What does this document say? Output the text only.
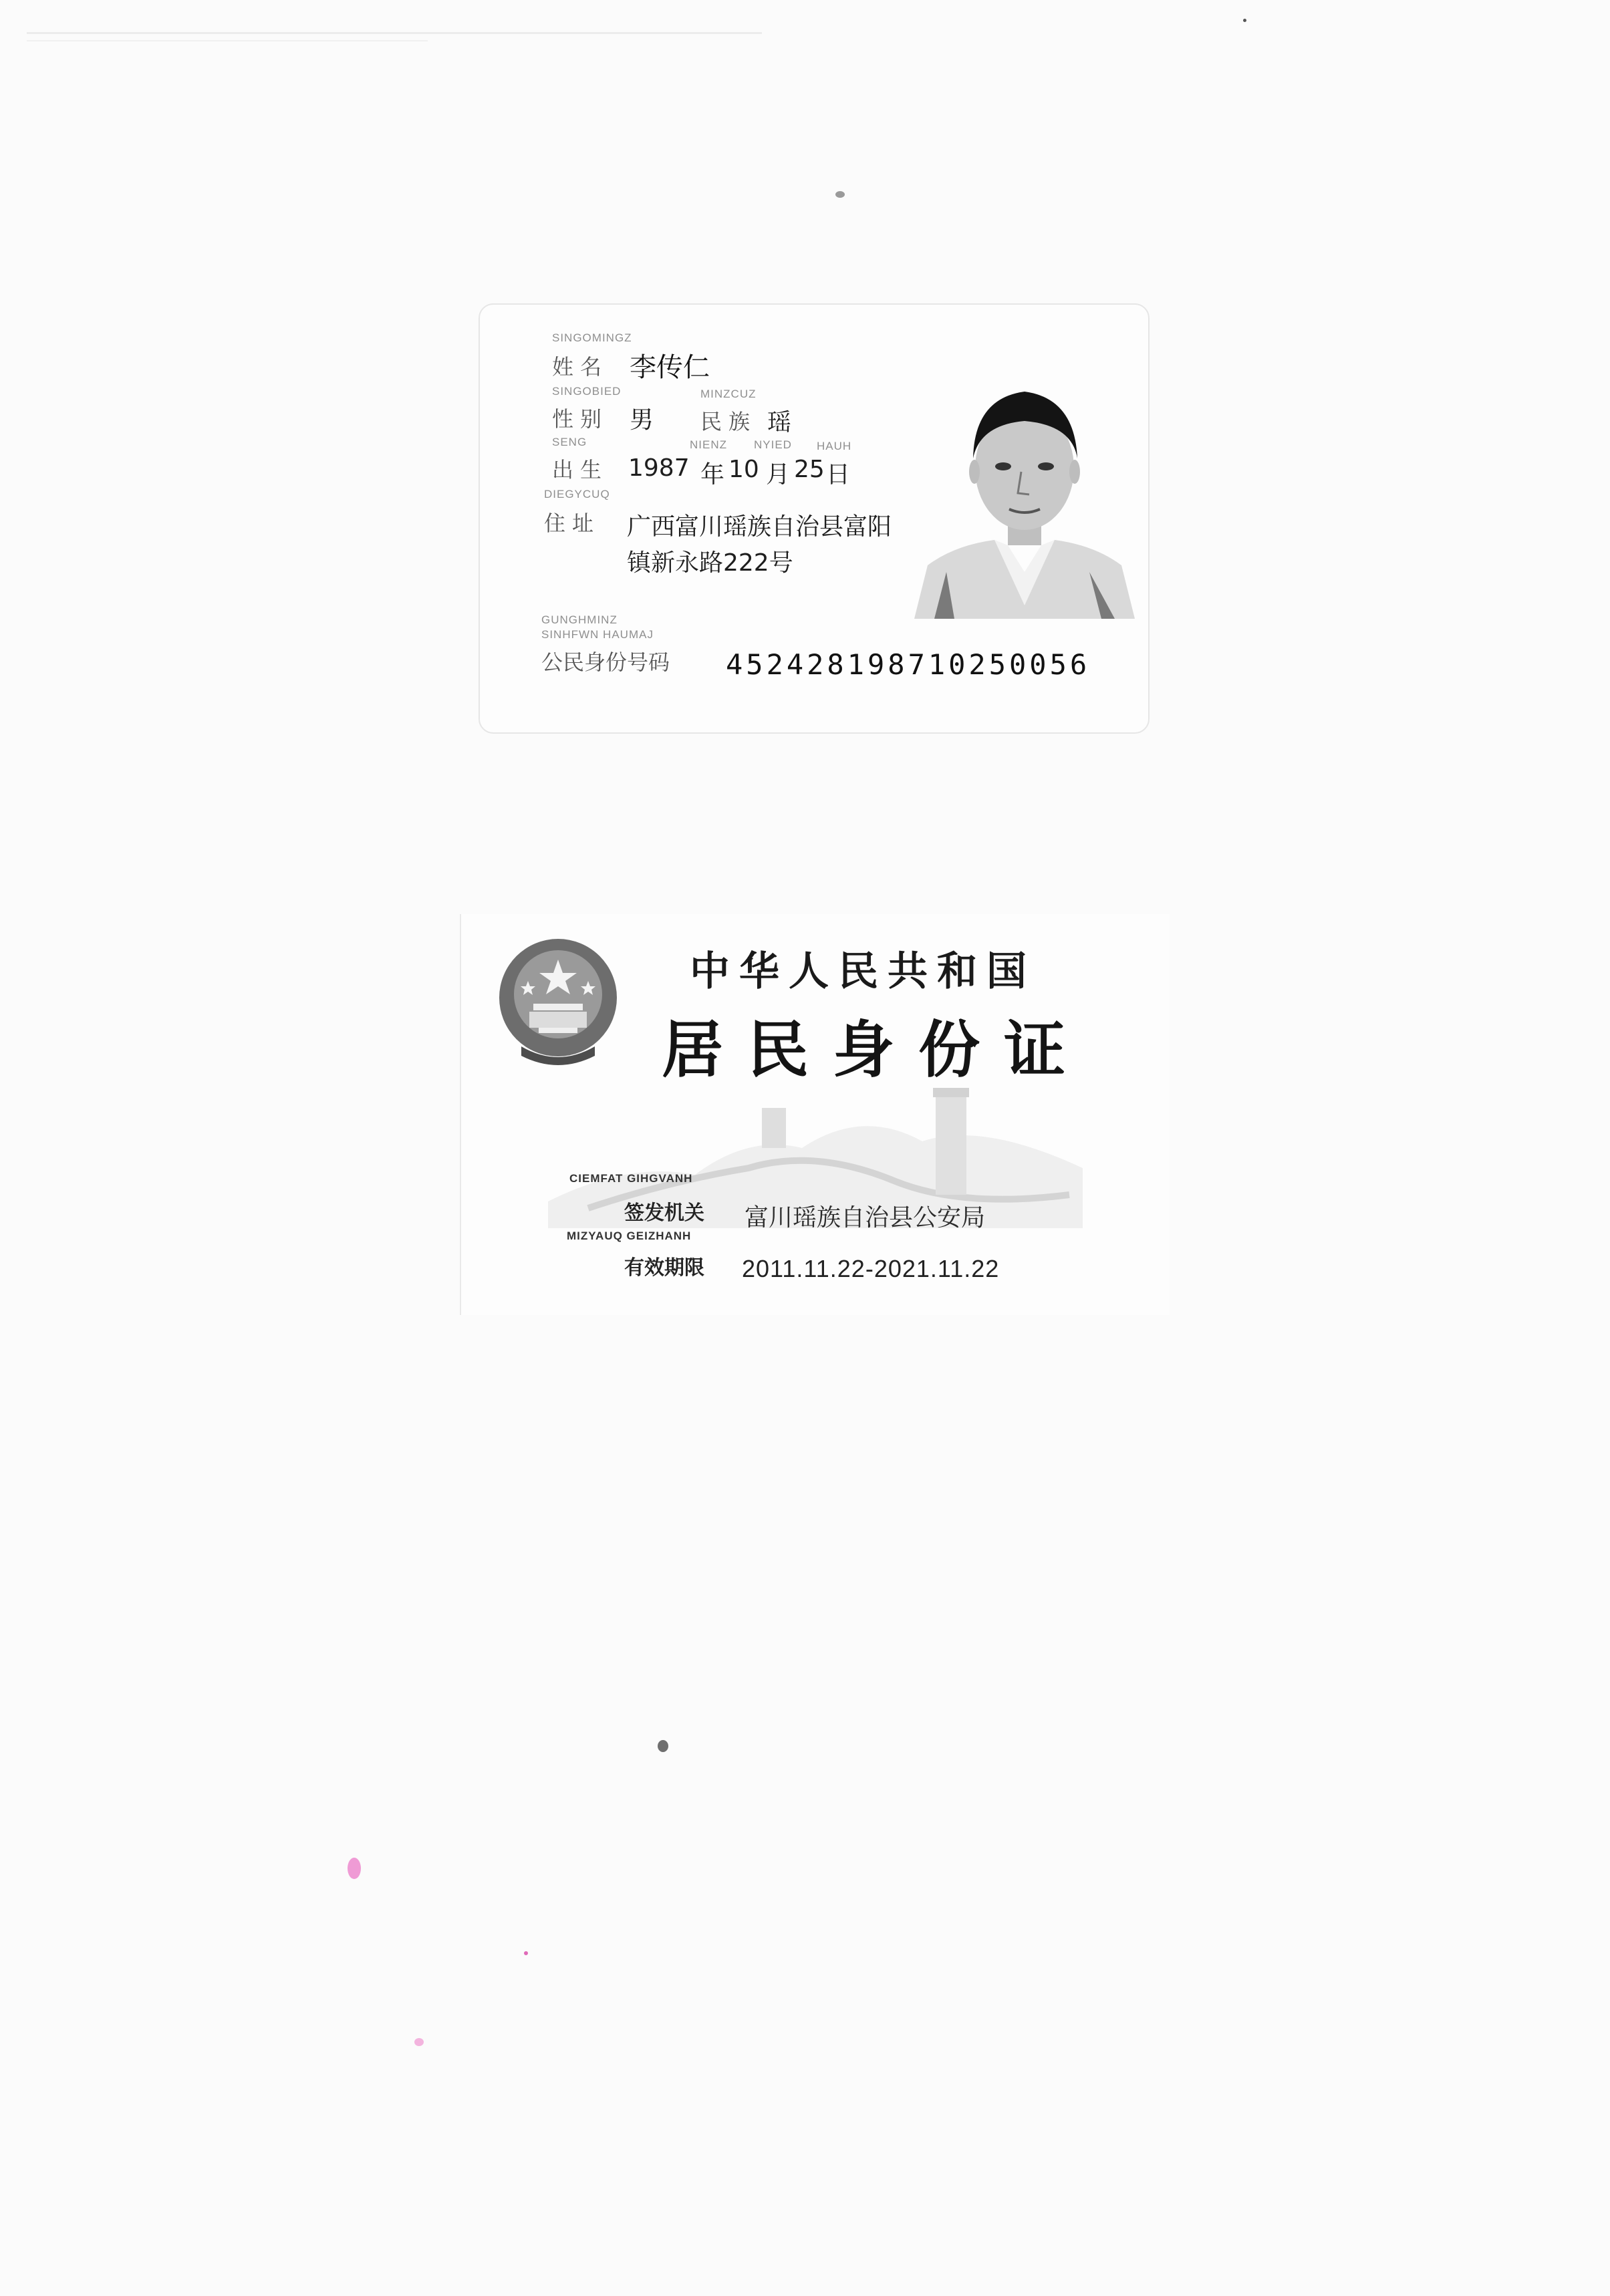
SINGOMINGZ
姓名 李传仁
SINGOBIED	MINZCUZ
性别 男 民族 瑶
SENG	NIENZ NYIED HAUH
出生 1987 年 10 月 25 日
DIEGYCUQ
住址 广西富川瑶族自治县富阳
镇新永路222号
GUNGHMINZ
SINHFWN HAUMAJ
公民身份号码 452428198710250056
中华人民共和国
居民身份证
CIEMFAT GIHGVANH
签发机关 富川瑶族自治县公安局
MIZYAUQ GEIZHANH
有效期限 2011.11.22-2021.11.22
